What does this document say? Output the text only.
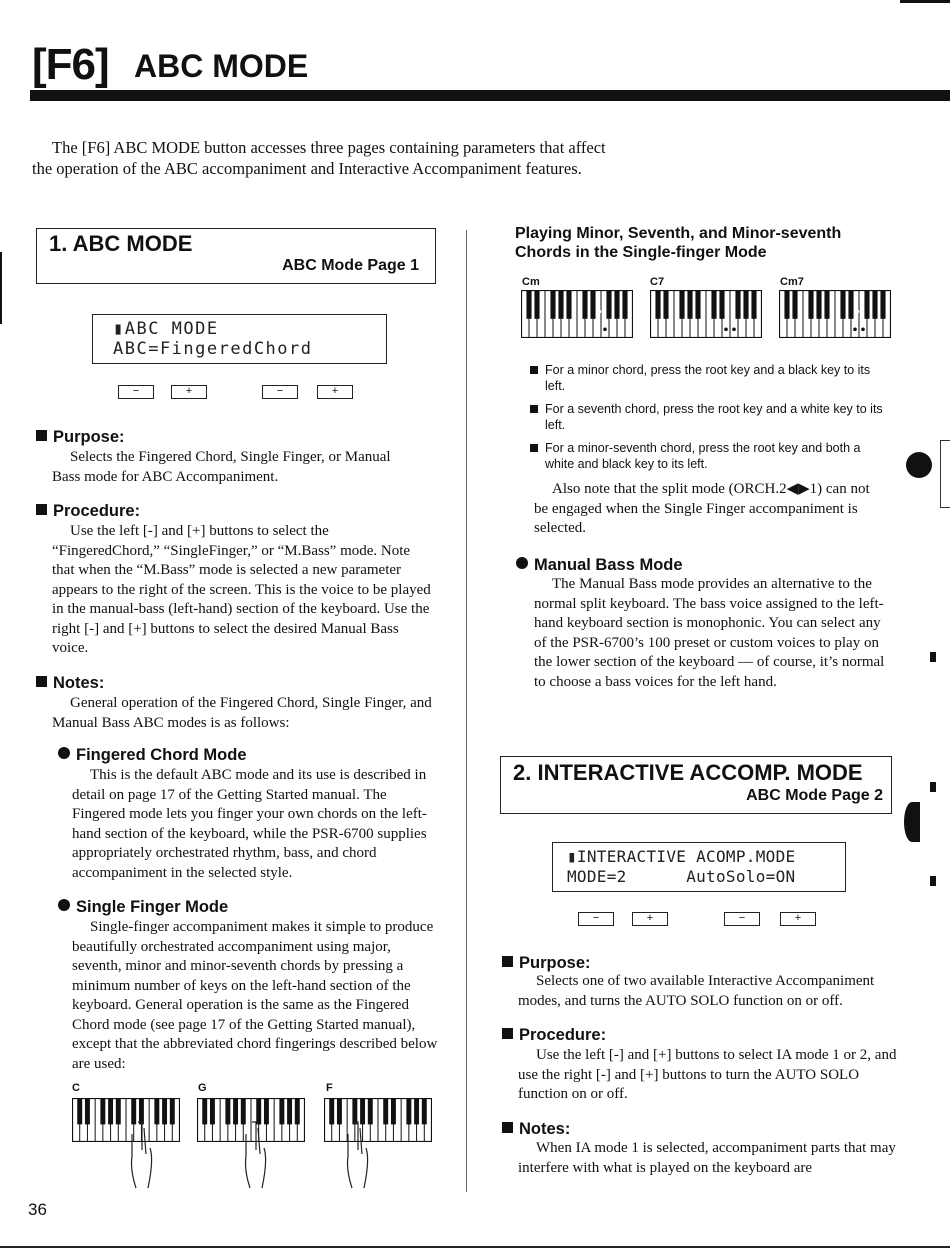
[F6] ABC MODE

The [F6] ABC MODE button accesses three pages containing parameters that affect

the operation of the ABC accompaniment and Interactive Accompaniment features.

1. ABC MODE
ABC Mode Page 1
▮ABC MODE
ABC=FingeredChord
−	+	−	+
Purpose:

Selects the Fingered Chord, Single Finger, or Manual Bass mode for ABC Accompaniment.

Procedure:

Use the left [-] and [+] buttons to select the “FingeredChord,” “SingleFinger,” or “M.Bass” mode. Note that when the “M.Bass” mode is selected a new parameter appears to the right of the screen. This is the voice to be played in the manual-bass (left-hand) section of the keyboard. Use the right [-] and [+] buttons to select the desired Manual Bass voice.

Notes:

General operation of the Fingered Chord, Single Finger, and Manual Bass ABC modes is as follows:

Fingered Chord Mode

This is the default ABC mode and its use is described in detail on page 17 of the Getting Started manual. The Fingered mode lets you finger your own chords on the left-hand section of the keyboard, while the PSR-6700 supplies appropriately orchestrated rhythm, bass, and chord accompaniment in the selected style.

Single Finger Mode

Single-finger accompaniment makes it simple to produce beautifully orchestrated accompaniment using major, seventh, minor and minor-seventh chords by pressing a minimum number of keys on the left-hand section of the keyboard. General operation is the same as the Fingered Chord mode (see page 17 of the Getting Started manual), except that the abbreviated chord fingerings described below are used:

C	G	F
Playing Minor, Seventh, and Minor-seventh
Chords in the Single-finger Mode
Cm	C7	Cm7
For a minor chord, press the root key and a black key to its left.
For a seventh chord, press the root key and a white key to its left.
For a minor-seventh chord, press the root key and both a white and black key to its left.

Also note that the split mode (ORCH.2◀▶1) can not be engaged when the Single Finger accompaniment is selected.

Manual Bass Mode

The Manual Bass mode provides an alternative to the normal split keyboard. The bass voice assigned to the left-hand keyboard section is monophonic. You can select any of the PSR-6700’s 100 preset or custom voices to play on the lower section of the keyboard — of course, it’s normal to choose a bass voices for the left hand.

2. INTERACTIVE ACCOMP. MODE
ABC Mode Page 2
▮INTERACTIVE ACOMP.MODE
MODE=2      AutoSolo=ON
−	+	−	+
Purpose:

Selects one of two available Interactive Accompaniment modes, and turns the AUTO SOLO function on or off.

Procedure:

Use the left [-] and [+] buttons to select IA mode 1 or 2, and use the right [-] and [+] buttons to turn the AUTO SOLO function on or off.

Notes:

When IA mode 1 is selected, accompaniment parts that may interfere with what is played on the keyboard are

36
